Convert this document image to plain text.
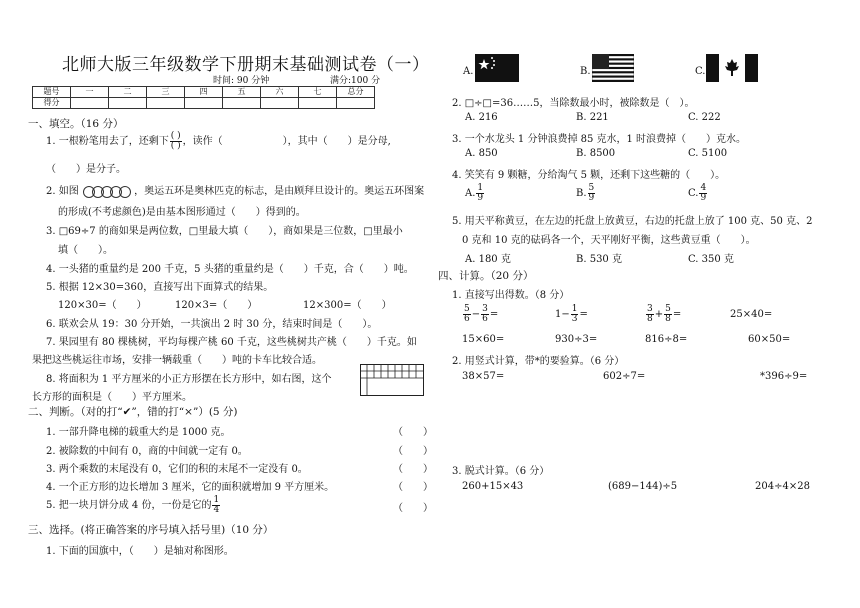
北师大版三年级数学下册期末基础测试卷（一）
时间: 90 分钟	满分:100 分
题号	一	二	三	四	五	六	七	总分
得分								
一、填空。（16 分）
1. 一根粉笔用去了，还剩下 $\frac{( )}{( )}$ ，读作（　　　　　　），其中（　　）是分母,
（　　）是分子。
2. 如图	，奥运五环是奥林匹克的标志，是由顾拜旦设计的。奥运五环图案
的形成(不考虑颜色)是由基本图形通过（　　）得到的。
3. □69÷7 的商如果是两位数，□里最大填（　　），商如果是三位数，□里最小
填（　　）。
4. 一头猪的重量约是 200 千克，5 头猪的重量约是（　　）千克，合（　　）吨。
5. 根据 12×30=360，直接写出下面算式的结果。
120×30=（　　）	120×3=（　　）	12×300=（　　）
6. 联欢会从 19：30 分开始，一共演出 2 时 30 分，结束时间是（　　）。
7. 果园里有 80 棵桃树，平均每棵产桃 60 千克，这些桃树共产桃（　　）千克。如
果把这些桃运往市场，安排一辆载重（　　）吨的卡车比较合适。
8. 将面积为 1 平方厘米的小正方形摆在长方形中，如右图，这个
长方形的面积是（　　）平方厘米。
二、判断。（对的打“✔”，错的打“×”）(5 分)
1. 一部升降电梯的载重大约是 1000 克。	（　　）
2. 被除数的中间有 0，商的中间就一定有 0。	（　　）
3. 两个乘数的末尾没有 0，它们的积的末尾不一定没有 0。	（　　）
4. 一个正方形的边长增加 3 厘米，它的面积就增加 9 平方厘米。	（　　）
5. 把一块月饼分成 4 份，一份是它的 $\frac{1}{4}$	（　　）
三、选择。(将正确答案的序号填入括号里)（10 分）
1. 下面的国旗中，（　　）是轴对称图形。
A.	B.	C.
2. □÷□=36……5，当除数最小时，被除数是（　）。
A. 216	B. 221	C. 222
3. 一个水龙头 1 分钟浪费掉 85 克水，1 时浪费掉（　　）克水。
A. 850	B. 8500	C. 5100
4. 笑笑有 9 颗糖，分给淘气 5 颗，还剩下这些糖的（　　）。
A. $\frac{1}{9}$	B. $\frac{5}{9}$	C. $\frac{4}{9}$
5. 用天平称黄豆，在左边的托盘上放黄豆，右边的托盘上放了 100 克、50 克、2
0 克和 10 克的砝码各一个，天平刚好平衡，这些黄豆重（　　）。
A. 180 克	B. 530 克	C. 350 克
四、计算。（20 分）
1. 直接写出得数。（8 分）
$\frac{5}{6} - \frac{3}{6}$ =	$1- \frac{1}{3}$ =	$\frac{3}{8} + \frac{5}{8}$ =	25×40=
15×60=	930÷3=	816÷8=	60×50=
2. 用竖式计算，带*的要验算。（6 分）
38×57=	602÷7=	*396÷9=
3. 脱式计算。（6 分）
260+15×43	(689−144)÷5	204÷4×28
